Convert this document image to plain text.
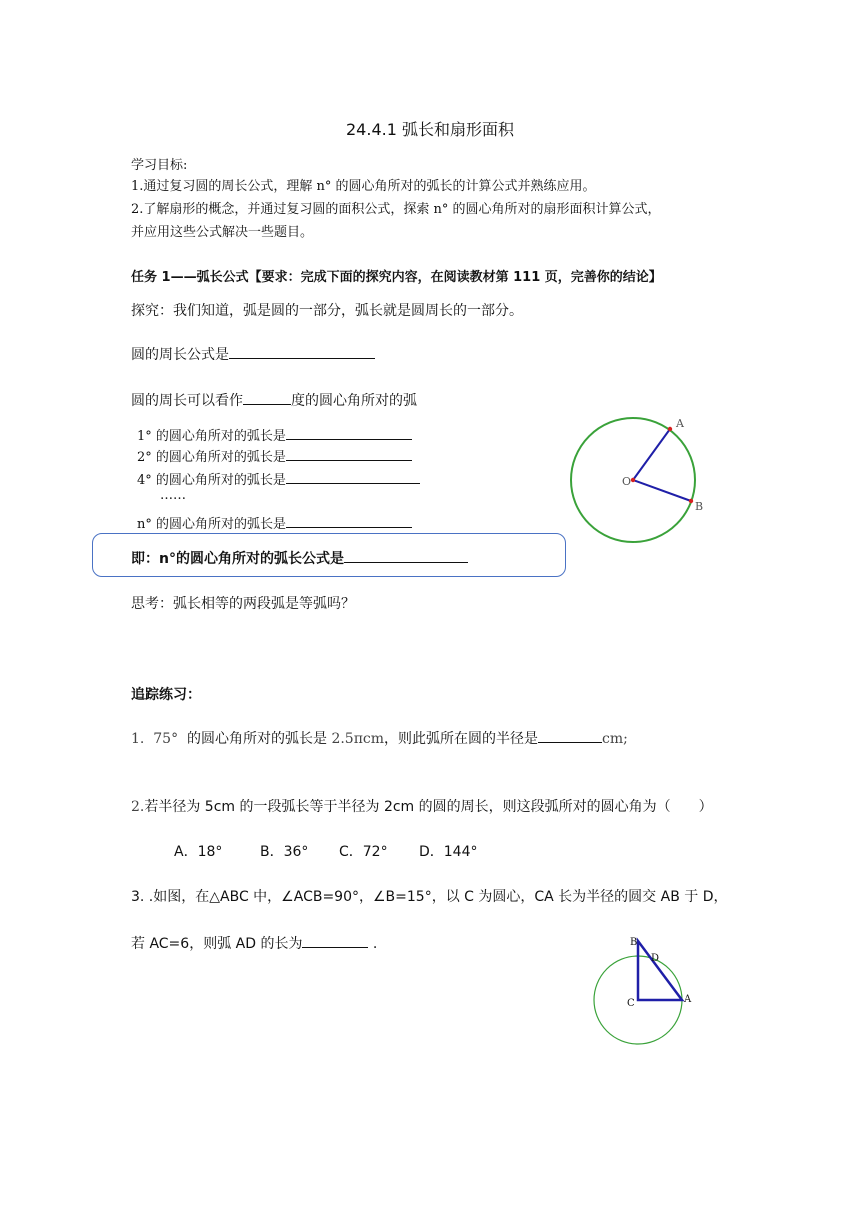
24.4.1 弧长和扇形面积
学习目标:
1.通过复习圆的周长公式，理解 n° 的圆心角所对的弧长的计算公式并熟练应用。
2.了解扇形的概念，并通过复习圆的面积公式，探索 n° 的圆心角所对的扇形面积计算公式，
并应用这些公式解决一些题目。
任务 1——弧长公式【要求：完成下面的探究内容，在阅读教材第 111 页，完善你的结论】
探究：我们知道，弧是圆的一部分，弧长就是圆周长的一部分。
圆的周长公式是
圆的周长可以看作	度的圆心角所对的弧
1° 的圆心角所对的弧长是
2° 的圆心角所对的弧长是
4° 的圆心角所对的弧长是
……
n° 的圆心角所对的弧长是
即：n°的圆心角所对的弧长公式是
思考：弧长相等的两段弧是等弧吗？
O
A
B
追踪练习：
1. 75° 的圆心角所对的弧长是 2.5πcm，则此弧所在圆的半径是	cm;
2.若半径为 5cm 的一段弧长等于半径为 2cm 的圆的周长，则这段弧所对的圆心角为（　　）
A．18°	B．36° C．72° D．144°
3. .如图，在△ABC 中，∠ACB=90°，∠B=15°，以 C 为圆心，CA 长为半径的圆交 AB 于 D，
若 AC=6，则弧 AD 的长为	.	B
D
C	A
